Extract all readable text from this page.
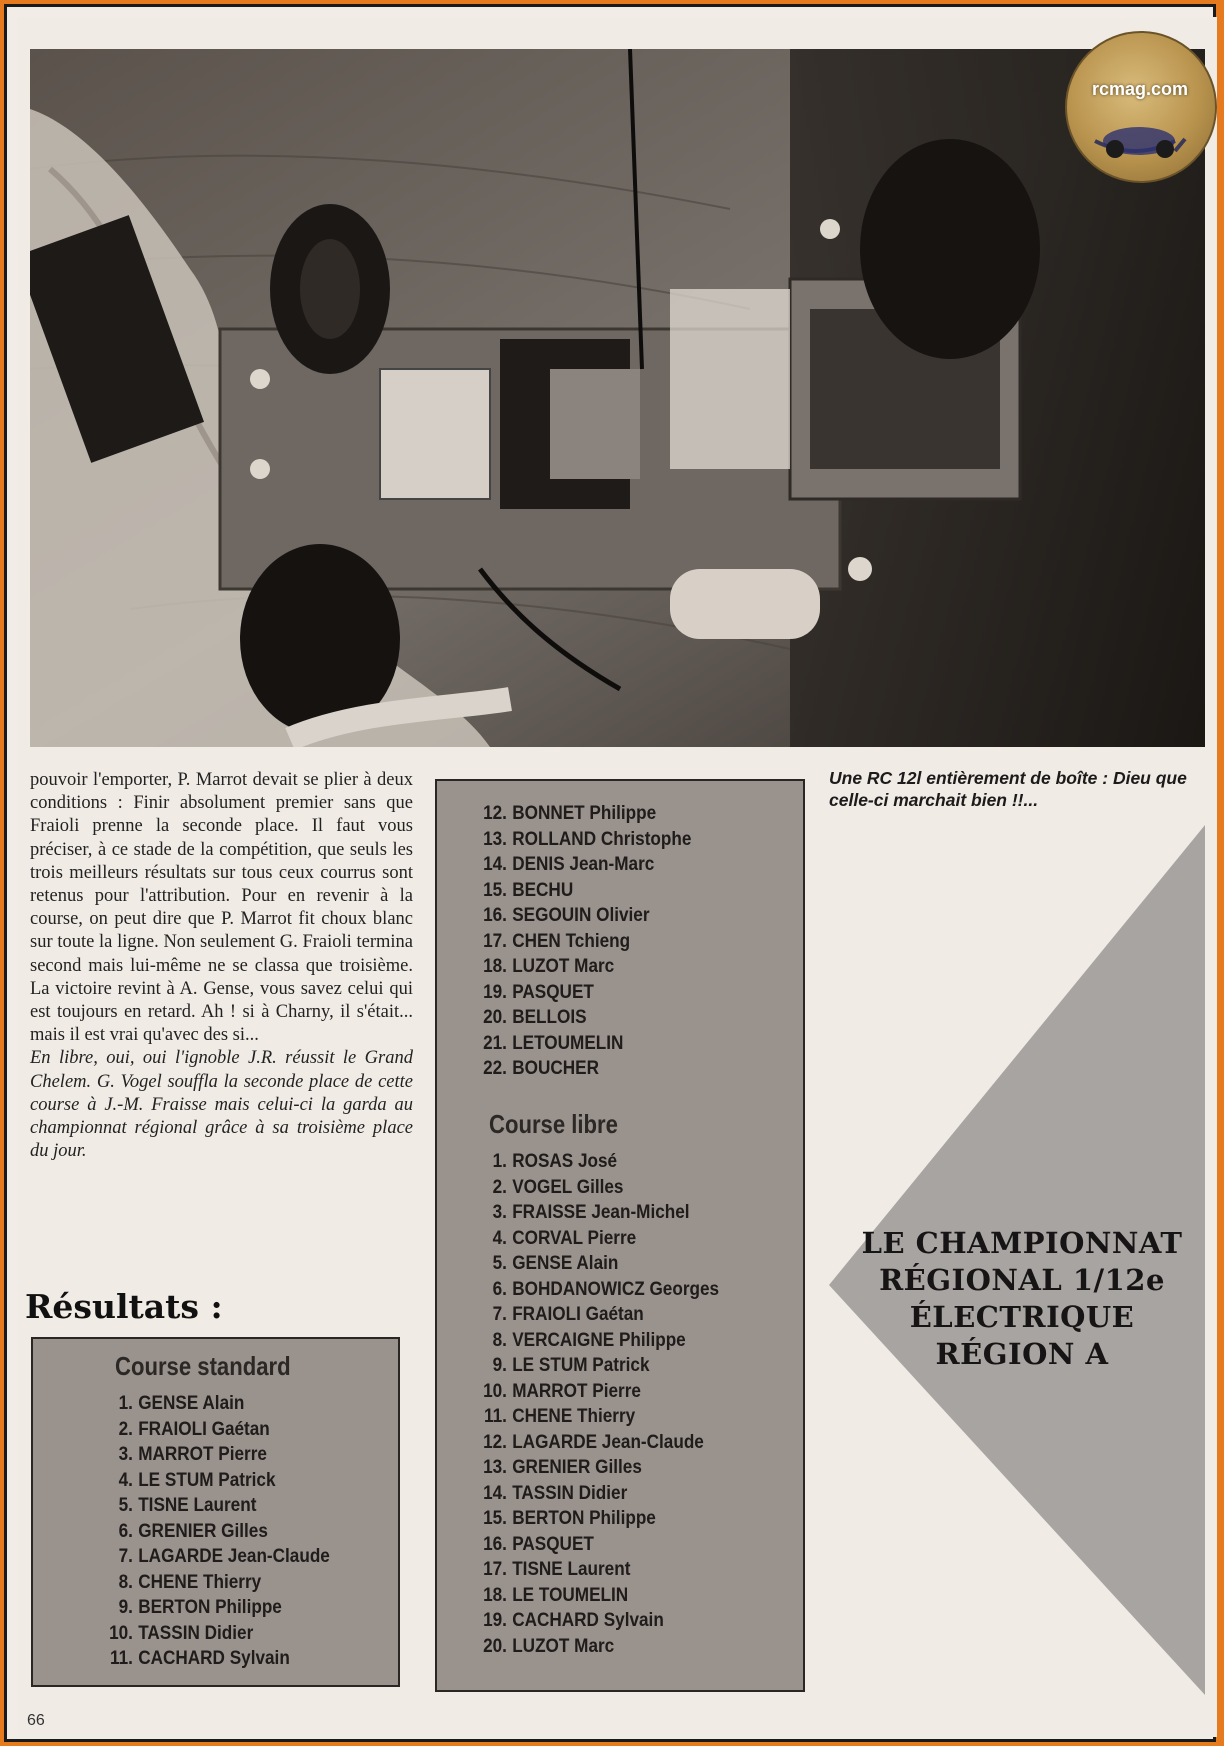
rcmag.com

pouvoir l'emporter, P. Marrot devait se plier à deux conditions : Finir absolument premier sans que Fraioli prenne la seconde place. Il faut vous préciser, à ce stade de la compétition, que seuls les trois meilleurs résultats sur tous ceux courrus sont retenus pour l'attribution. Pour en revenir à la course, on peut dire que P. Marrot fit choux blanc sur toute la ligne. Non seulement G. Fraioli termina second mais lui-même ne se classa que troisième. La victoire revint à A. Gense, vous savez celui qui est toujours en retard. Ah ! si à Charny, il s'était... mais il est vrai qu'avec des si...

En libre, oui, oui l'ignoble J.R. réussit le Grand Chelem. G. Vogel souffla la seconde place de cette course à J.-M. Fraisse mais celui-ci la garda au championnat régional grâce à sa troisième place du jour.

Résultats :
Course standard
1. GENSE Alain
2. FRAIOLI Gaétan
3. MARROT Pierre
4. LE STUM Patrick
5. TISNE Laurent
6. GRENIER Gilles
7. LAGARDE Jean-Claude
8. CHENE Thierry
9. BERTON Philippe
10. TASSIN Didier
11. CACHARD Sylvain
12. BONNET Philippe
13. ROLLAND Christophe
14. DENIS Jean-Marc
15. BECHU
16. SEGOUIN Olivier
17. CHEN Tchieng
18. LUZOT Marc
19. PASQUET
20. BELLOIS
21. LETOUMELIN
22. BOUCHER
Course libre
1. ROSAS José
2. VOGEL Gilles
3. FRAISSE Jean-Michel
4. CORVAL Pierre
5. GENSE Alain
6. BOHDANOWICZ Georges
7. FRAIOLI Gaétan
8. VERCAIGNE Philippe
9. LE STUM Patrick
10. MARROT Pierre
11. CHENE Thierry
12. LAGARDE Jean-Claude
13. GRENIER Gilles
14. TASSIN Didier
15. BERTON Philippe
16. PASQUET
17. TISNE Laurent
18. LE TOUMELIN
19. CACHARD Sylvain
20. LUZOT Marc
Une RC 12l entièrement de boîte : Dieu que celle-ci marchait bien !!...
LE CHAMPIONNAT
RÉGIONAL 1/12e
ÉLECTRIQUE
RÉGION A
66
